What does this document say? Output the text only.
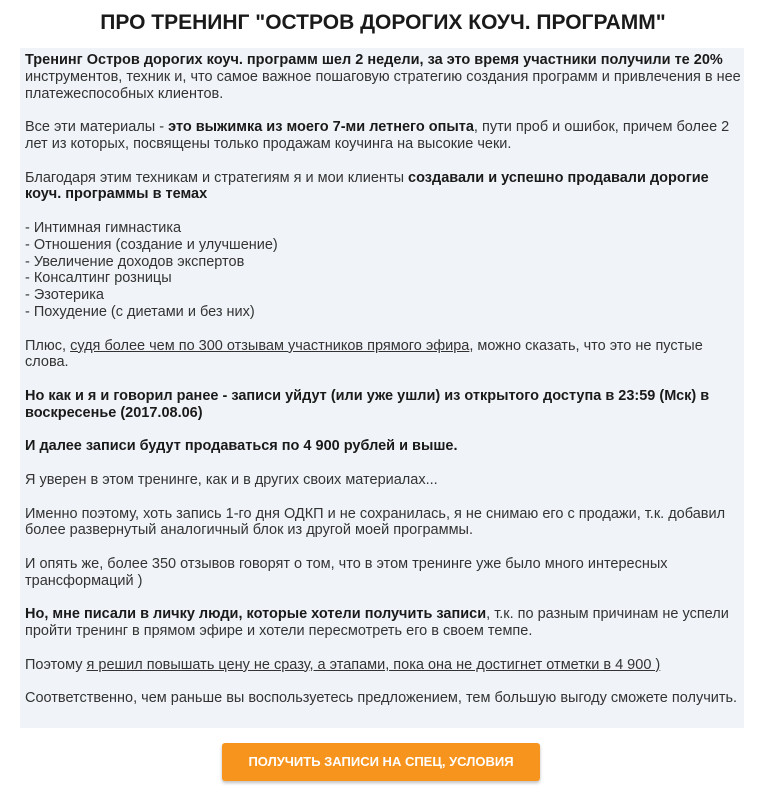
ПРО ТРЕНИНГ "ОСТРОВ ДОРОГИХ КОУЧ. ПРОГРАММ"

Тренинг Остров дорогих коуч. программ шел 2 недели, за это время участники получили те 20% инструментов, техник и, что самое важное пошаговую стратегию создания программ и привлечения в нее платежеспособных клиентов.

Все эти материалы - это выжимка из моего 7-ми летнего опыта, пути проб и ошибок, причем более 2 лет из которых, посвящены только продажам коучинга на высокие чеки.

Благодаря этим техникам и стратегиям я и мои клиенты создавали и успешно продавали дорогие коуч. программы в темах

- Интимная гимнастика
- Отношения (создание и улучшение)
- Увеличение доходов экспертов
- Консалтинг розницы
- Эзотерика
- Похудение (с диетами и без них)

Плюс, судя более чем по 300 отзывам участников прямого эфира, можно сказать, что это не пустые слова.

Но как и я и говорил ранее - записи уйдут (или уже ушли) из открытого доступа в 23:59 (Мск) в воскресенье (2017.08.06)

И далее записи будут продаваться по 4 900 рублей и выше.

Я уверен в этом тренинге, как и в других своих материалах...

Именно поэтому, хоть запись 1-го дня ОДКП и не сохранилась, я не снимаю его с продажи, т.к. добавил более развернутый аналогичный блок из другой моей программы.

И опять же, более 350 отзывов говорят о том, что в этом тренинге уже было много интересных трансформаций )

Но, мне писали в личку люди, которые хотели получить записи, т.к. по разным причинам не успели пройти тренинг в прямом эфире и хотели пересмотреть его в своем темпе.

Поэтому я решил повышать цену не сразу, а этапами, пока она не достигнет отметки в 4 900 )

Соответственно, чем раньше вы воспользуетесь предложением, тем большую выгоду сможете получить.

ПОЛУЧИТЬ ЗАПИСИ НА СПЕЦ, УСЛОВИЯ
